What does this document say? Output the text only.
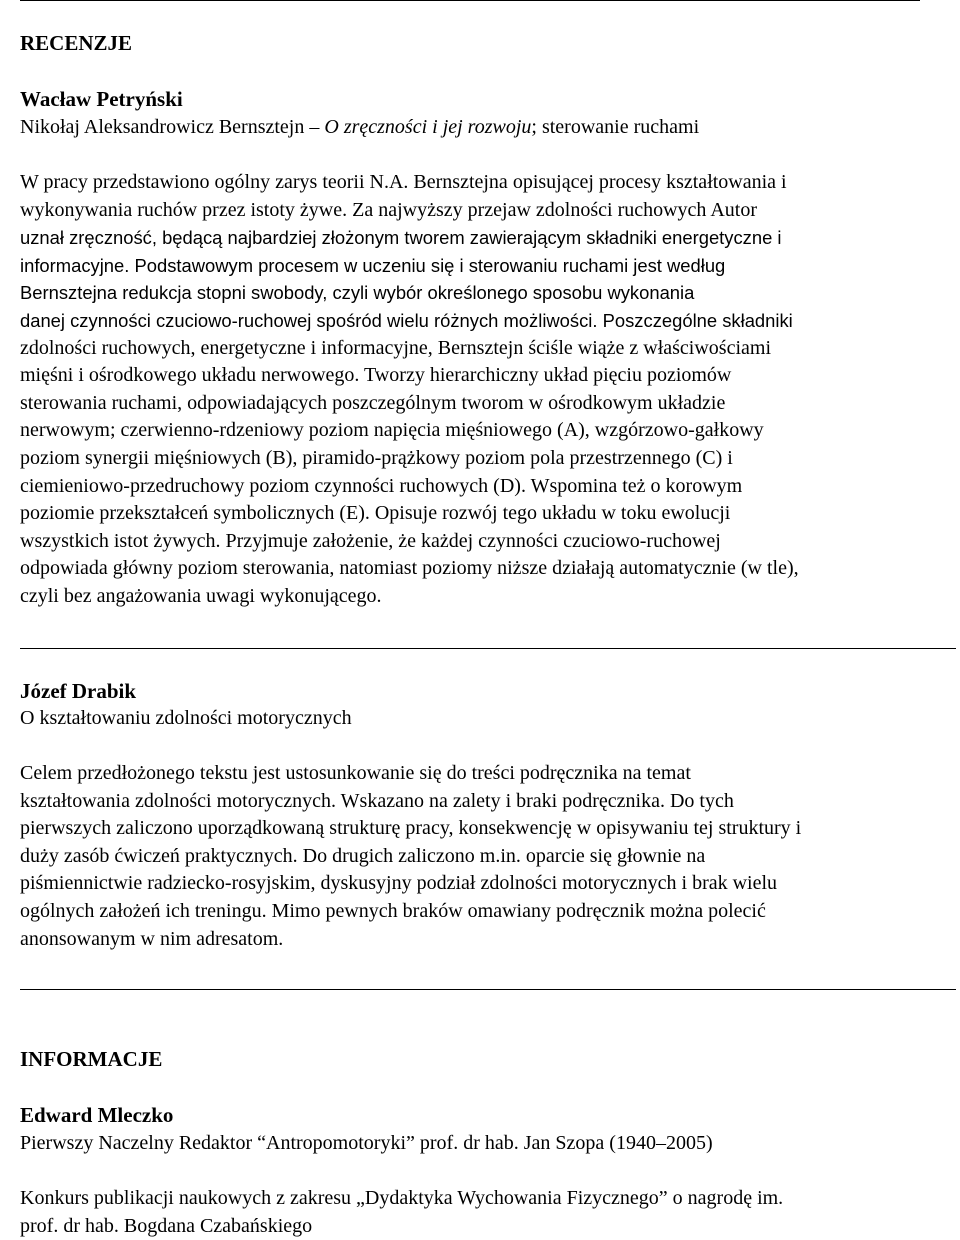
RECENZJE
Wacław Petryński
Nikołaj Aleksandrowicz Bernsztejn – O zręczności i jej rozwoju; sterowanie ruchami
W pracy przedstawiono ogólny zarys teorii N.A. Bernsztejna opisującej procesy kształtowania i
wykonywania ruchów przez istoty żywe. Za najwyższy przejaw zdolności ruchowych Autor
uznał zręczność, będącą najbardziej złożonym tworem zawierającym składniki energetyczne i
informacyjne. Podstawowym procesem w uczeniu się i sterowaniu ruchami jest według
Bernsztejna redukcja stopni swobody, czyli wybór określonego sposobu wykonania
danej czynności czuciowo-ruchowej spośród wielu różnych możliwości. Poszczególne składniki
zdolności ruchowych, energetyczne i informacyjne, Bernsztejn ściśle wiąże z właściwościami
mięśni i ośrodkowego układu nerwowego. Tworzy hierarchiczny układ pięciu poziomów
sterowania ruchami, odpowiadających poszczególnym tworom w ośrodkowym układzie
nerwowym; czerwienno-rdzeniowy poziom napięcia mięśniowego (A), wzgórzowo-gałkowy
poziom synergii mięśniowych (B), piramido-prążkowy poziom pola przestrzennego (C) i
ciemieniowo-przedruchowy poziom czynności ruchowych (D). Wspomina też o korowym
poziomie przekształceń symbolicznych (E). Opisuje rozwój tego układu w toku ewolucji
wszystkich istot żywych. Przyjmuje założenie, że każdej czynności czuciowo-ruchowej
odpowiada główny poziom sterowania, natomiast poziomy niższe działają automatycznie (w tle),
czyli bez angażowania uwagi wykonującego.
Józef Drabik
O kształtowaniu zdolności motorycznych
Celem przedłożonego tekstu jest ustosunkowanie się do treści podręcznika na temat
kształtowania zdolności motorycznych. Wskazano na zalety i braki podręcznika. Do tych
pierwszych zaliczono uporządkowaną strukturę pracy, konsekwencję w opisywaniu tej struktury i
duży zasób ćwiczeń praktycznych. Do drugich zaliczono m.in. oparcie się głownie na
piśmiennictwie radziecko-rosyjskim, dyskusyjny podział zdolności motorycznych i brak wielu
ogólnych założeń ich treningu. Mimo pewnych braków omawiany podręcznik można polecić
anonsowanym w nim adresatom.
INFORMACJE
Edward Mleczko
Pierwszy Naczelny Redaktor “Antropomotoryki” prof. dr hab. Jan Szopa (1940–2005)
Konkurs publikacji naukowych z zakresu „Dydaktyka Wychowania Fizycznego” o nagrodę im.
prof. dr hab. Bogdana Czabańskiego
